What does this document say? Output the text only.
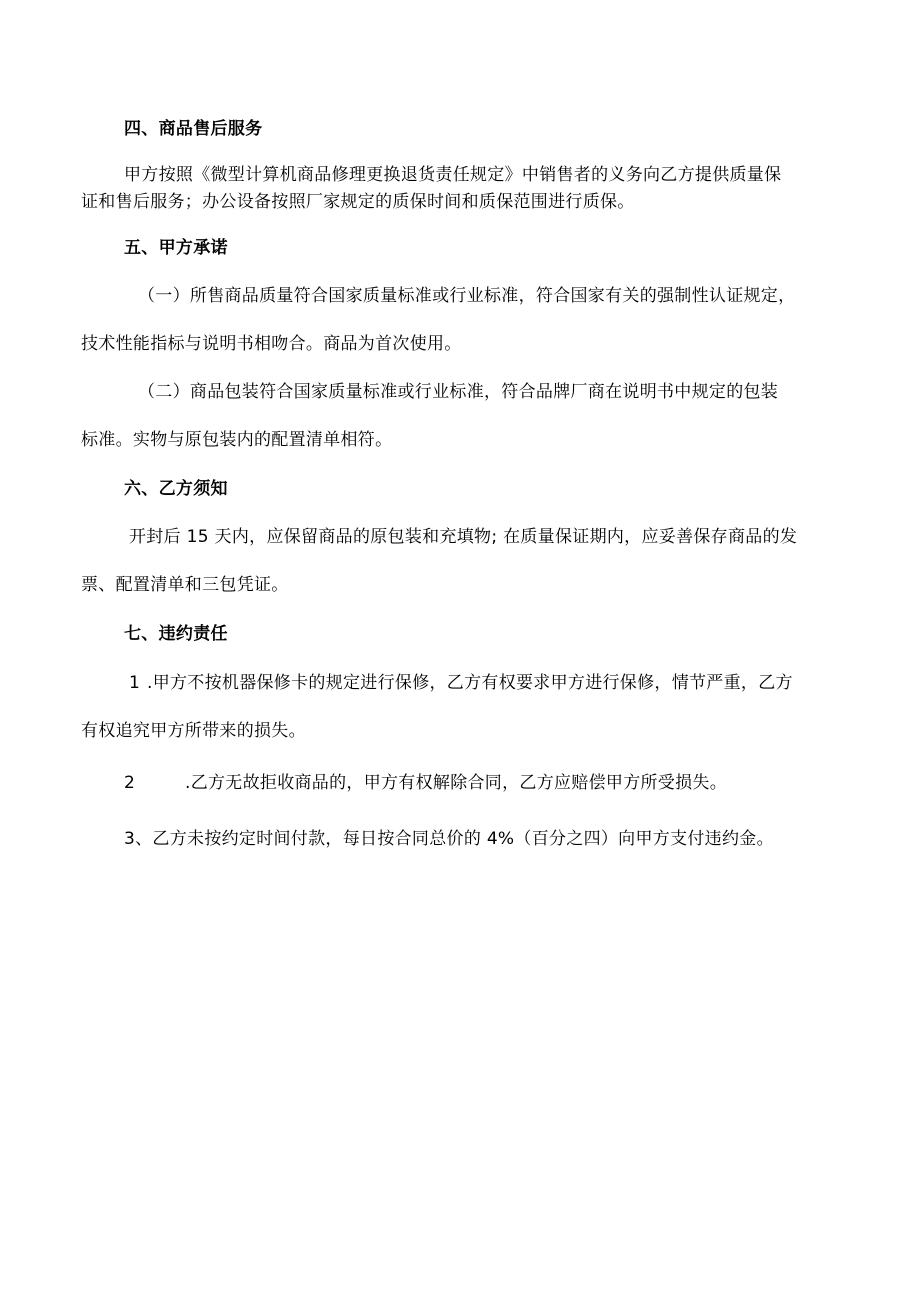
四、商品售后服务

甲方按照《微型计算机商品修理更换退货责任规定》中销售者的义务向乙方提供质量保

证和售后服务；办公设备按照厂家规定的质保时间和质保范围进行质保。

五、甲方承诺

（一）所售商品质量符合国家质量标准或行业标准，符合国家有关的强制性认证规定，

技术性能指标与说明书相吻合。商品为首次使用。

（二）商品包装符合国家质量标准或行业标准，符合品牌厂商在说明书中规定的包装

标准。实物与原包装内的配置清单相符。

六、乙方须知

开封后 15 天内，应保留商品的原包装和充填物; 在质量保证期内，应妥善保存商品的发

票、配置清单和三包凭证。

七、违约责任

1 .甲方不按机器保修卡的规定进行保修，乙方有权要求甲方进行保修，情节严重，乙方

有权追究甲方所带来的损失。

2	.乙方无故拒收商品的，甲方有权解除合同，乙方应赔偿甲方所受损失。

3、乙方未按约定时间付款，每日按合同总价的 4%（百分之四）向甲方支付违约金。
